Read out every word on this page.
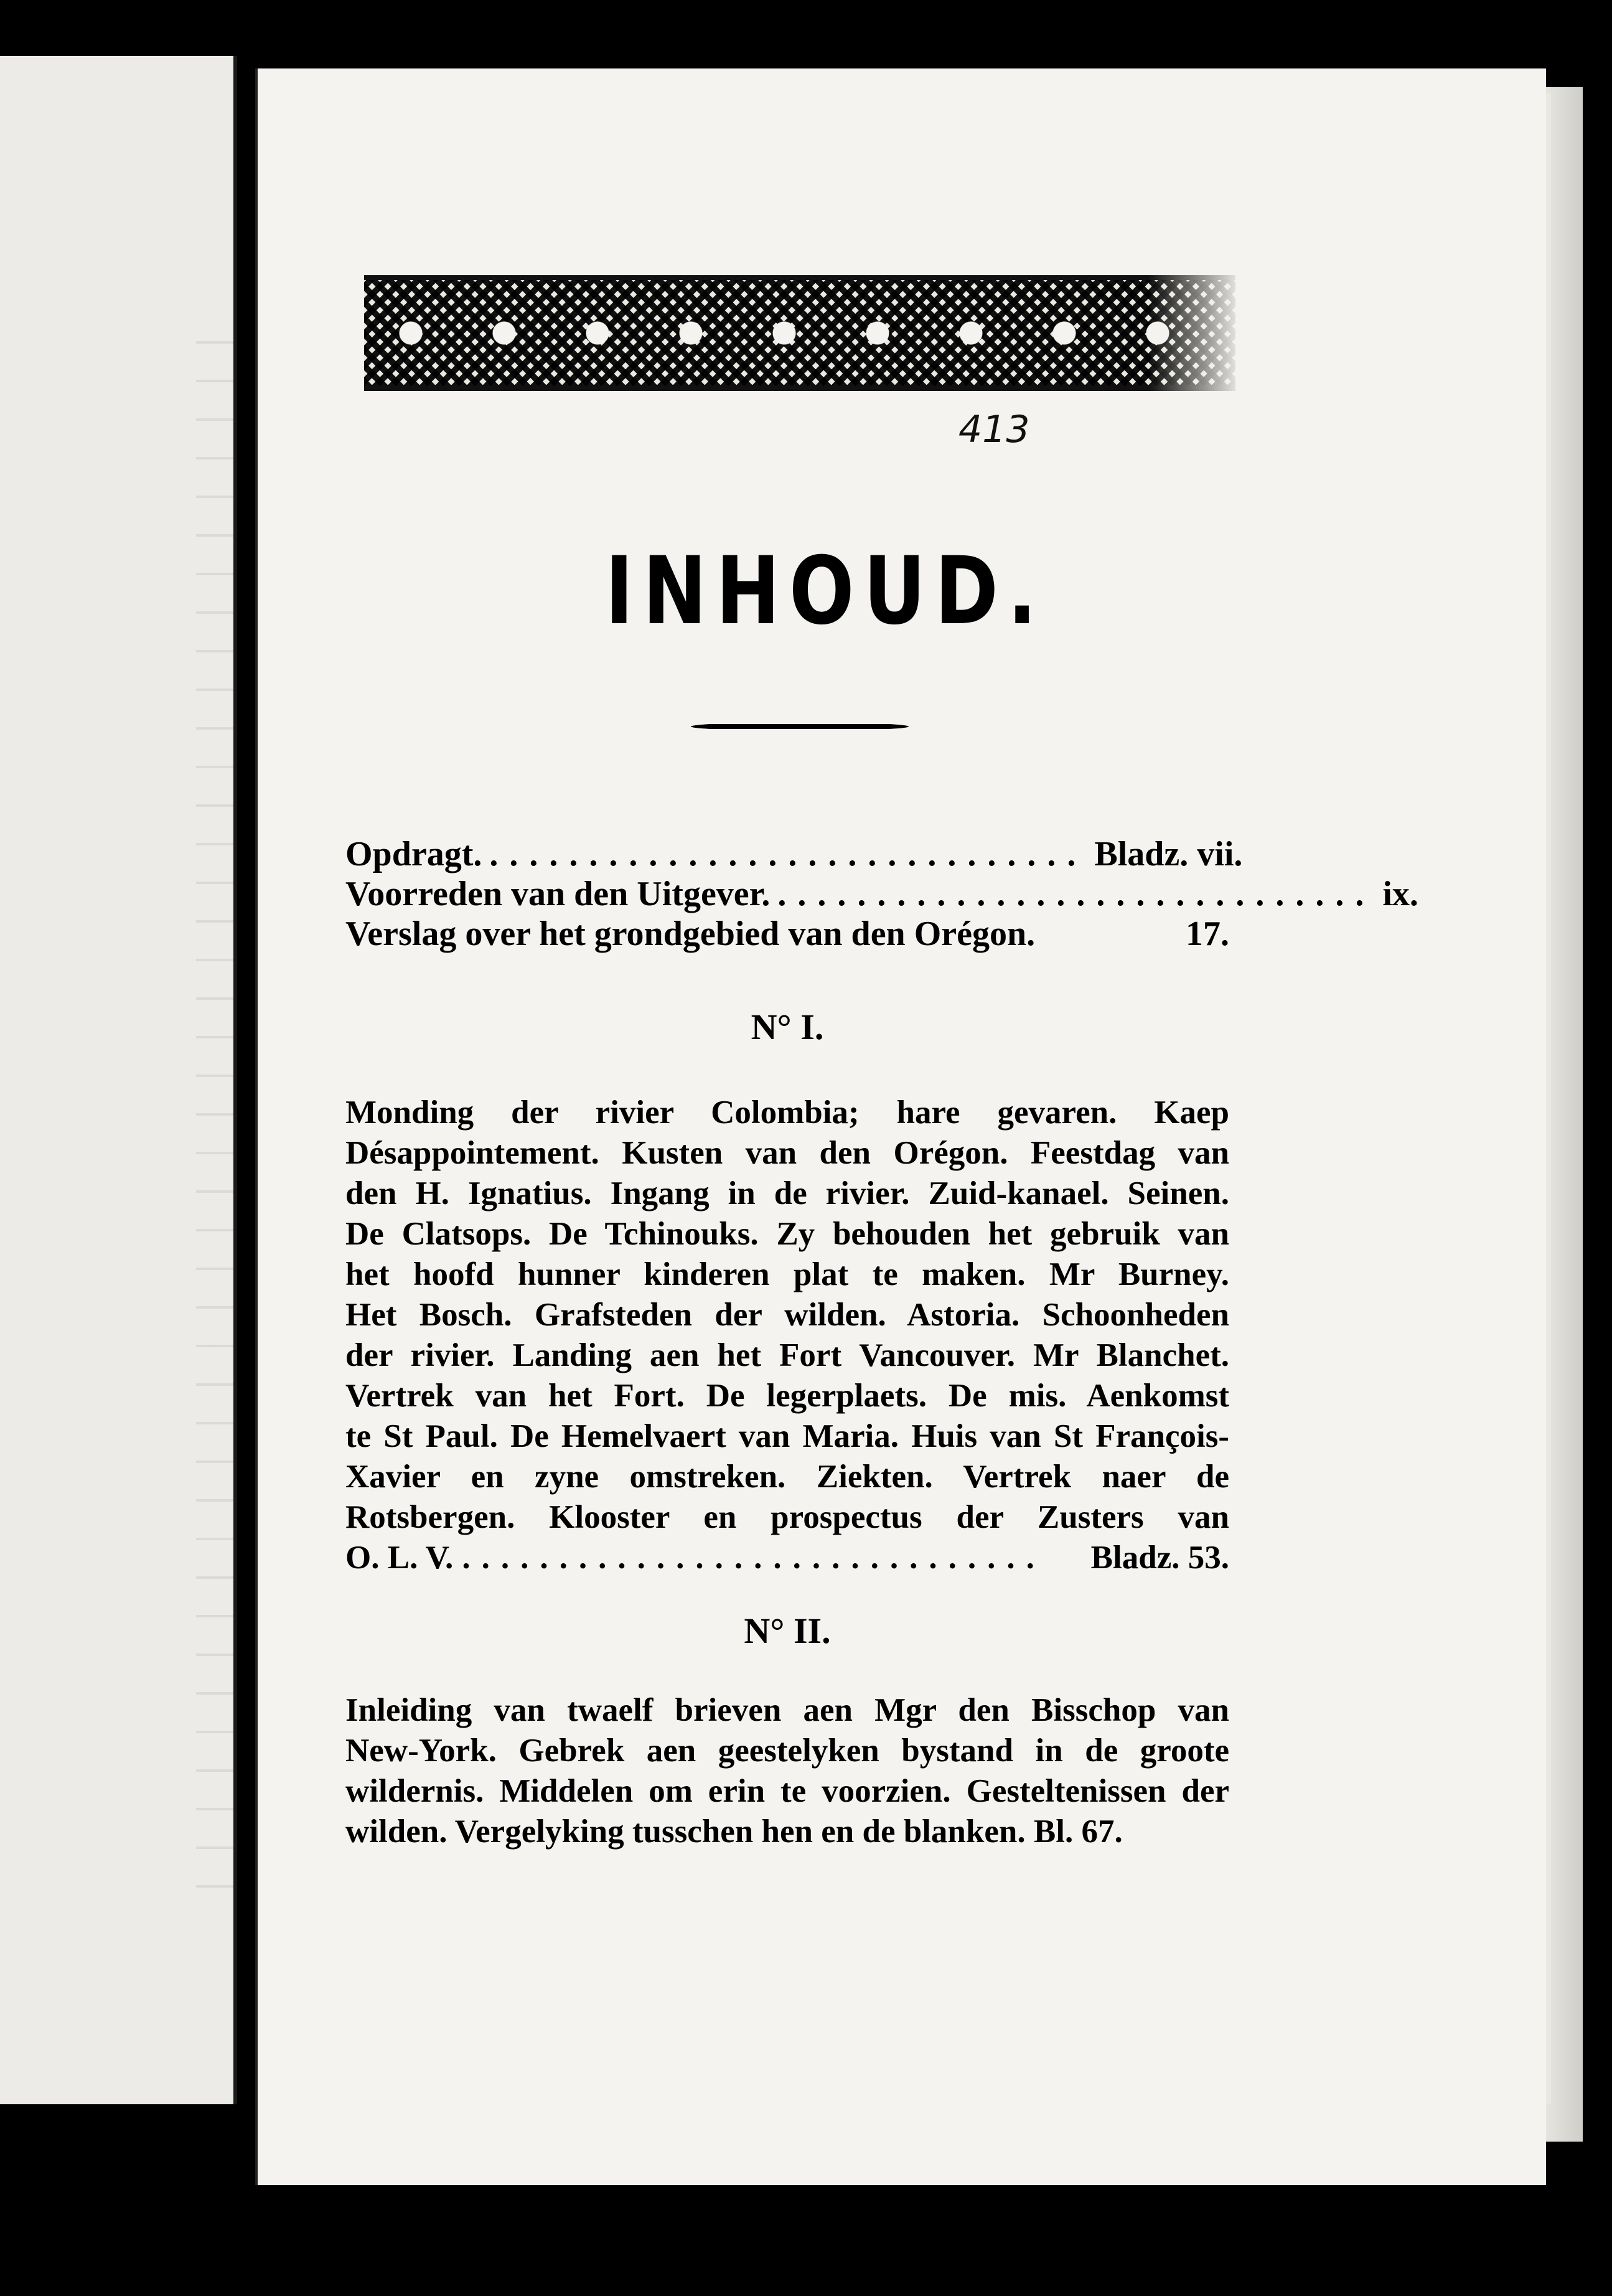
413
INHOUD.
Opdragt. .............................. Bladz. vii.
Voorreden van den Uitgever. .............................. ix.
Verslag over het grondgebied van den Orégon.	17.
N° I.
Monding der rivier Colombia; hare gevaren. Kaep
Désappointement. Kusten van den Orégon. Feestdag van
den H. Ignatius. Ingang in de rivier. Zuid-kanael. Seinen.
De Clatsops. De Tchinouks. Zy behouden het gebruik van
het hoofd hunner kinderen plat te maken. Mr Burney.
Het Bosch. Grafsteden der wilden. Astoria. Schoonheden
der rivier. Landing aen het Fort Vancouver. Mr Blanchet.
Vertrek van het Fort. De legerplaets. De mis. Aenkomst
te St Paul. De Hemelvaert van Maria. Huis van St François-
Xavier en zyne omstreken. Ziekten. Vertrek naer de
Rotsbergen. Klooster en prospectus der Zusters van
O. L. V. ..............................	Bladz. 53.
N° II.
Inleiding van twaelf brieven aen Mgr den Bisschop van
New-York. Gebrek aen geestelyken bystand in de groote
wildernis. Middelen om erin te voorzien. Gesteltenissen der
wilden. Vergelyking tusschen hen en de blanken. Bl. 67.
